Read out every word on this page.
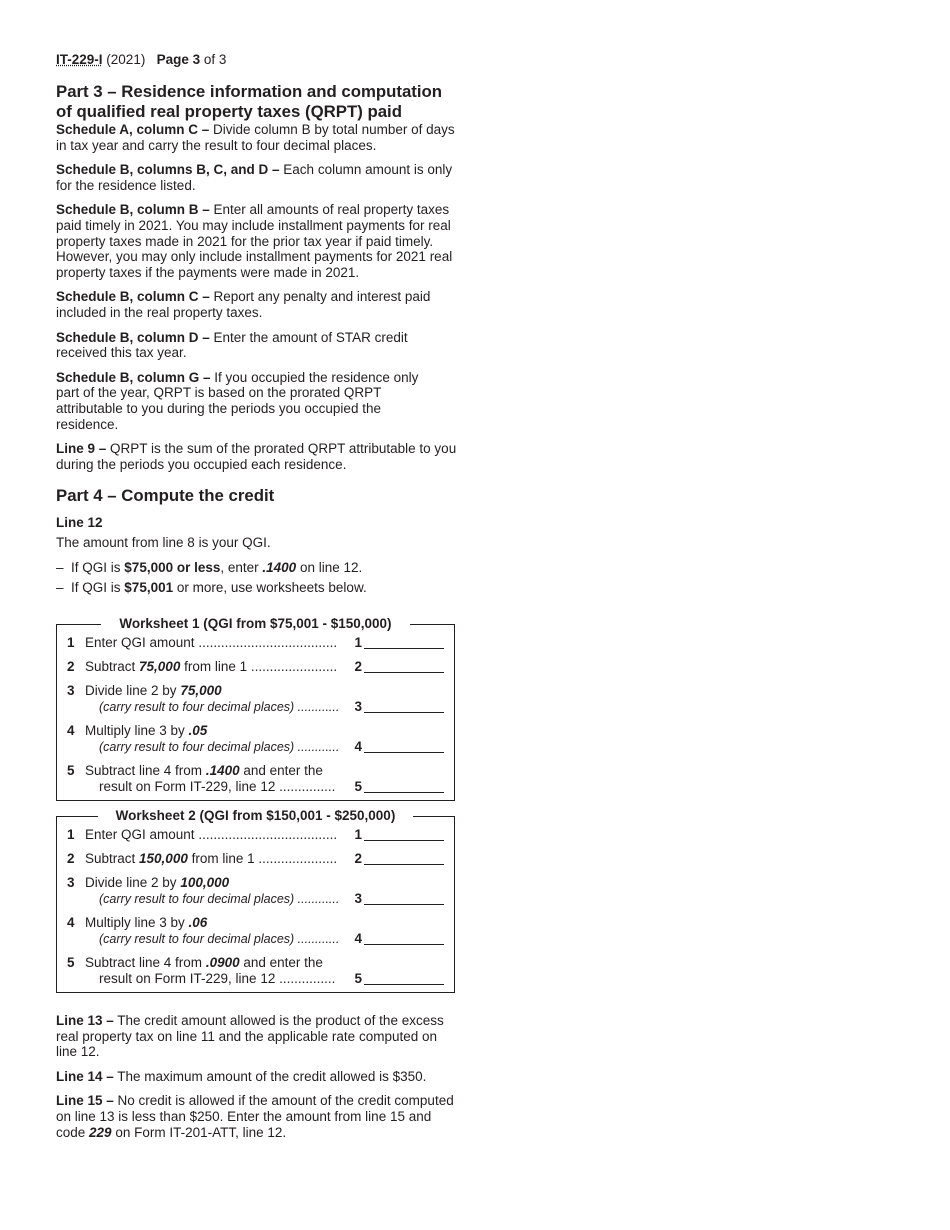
IT-229-I (2021) Page 3 of 3
Part 3 – Residence information and computation
of qualified real property taxes (QRPT) paid

Schedule A, column C – Divide column B by total number of days in tax year and carry the result to four decimal places.

Schedule B, columns B, C, and D – Each column amount is only for the residence listed.

Schedule B, column B – Enter all amounts of real property taxes paid timely in 2021. You may include installment payments for real property taxes made in 2021 for the prior tax year if paid timely. However, you may only include installment payments for 2021 real property taxes if the payments were made in 2021.

Schedule B, column C – Report any penalty and interest paid included in the real property taxes.

Schedule B, column D – Enter the amount of STAR credit received this tax year.

Schedule B, column G – If you occupied the residence only part of the year, QRPT is based on the prorated QRPT attributable to you during the periods you occupied the residence.

Line 9 – QRPT is the sum of the prorated QRPT attributable to you during the periods you occupied each residence.

Part 4 – Compute the credit
Line 12

The amount from line 8 is your QGI.

– If QGI is $75,000 or less, enter .1400 on line 12.
– If QGI is $75,001 or more, use worksheets below.
Worksheet 1 (QGI from $75,001 - $150,000)
1 Enter QGI amount .....................................	1
2 Subtract 75,000 from line 1 .......................	2
3 Divide line 2 by 75,000
(carry result to four decimal places) ............	3
4 Multiply line 3 by .05
(carry result to four decimal places) ............	4
5 Subtract line 4 from .1400 and enter the
result on Form IT-229, line 12 ...............	5
Worksheet 2 (QGI from $150,001 - $250,000)
1 Enter QGI amount .....................................	1
2 Subtract 150,000 from line 1 .....................	2
3 Divide line 2 by 100,000
(carry result to four decimal places) ............	3
4 Multiply line 3 by .06
(carry result to four decimal places) ............	4
5 Subtract line 4 from .0900 and enter the
result on Form IT-229, line 12 ...............	5

Line 13 – The credit amount allowed is the product of the excess real property tax on line 11 and the applicable rate computed on line 12.

Line 14 – The maximum amount of the credit allowed is $350.

Line 15 – No credit is allowed if the amount of the credit computed on line 13 is less than $250. Enter the amount from line 15 and code 229 on Form IT-201-ATT, line 12.
